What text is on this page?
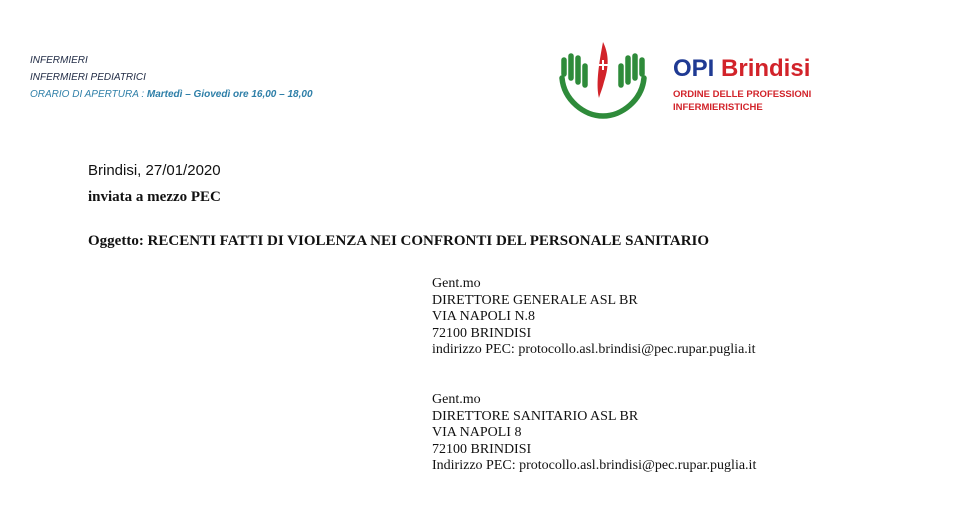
INFERMIERI
INFERMIERI PEDIATRICI
ORARIO DI APERTURA : Martedì – Giovedì ore 16,00 – 18,00
OPI Brindisi
ORDINE DELLE PROFESSIONI
INFERMIERISTICHE
Brindisi, 27/01/2020
inviata a mezzo PEC
Oggetto: RECENTI FATTI DI VIOLENZA NEI CONFRONTI DEL PERSONALE SANITARIO
Gent.mo
DIRETTORE GENERALE ASL BR
VIA NAPOLI N.8
72100 BRINDISI
indirizzo PEC: protocollo.asl.brindisi@pec.rupar.puglia.it
Gent.mo
DIRETTORE SANITARIO ASL BR
VIA NAPOLI 8
72100 BRINDISI
Indirizzo PEC: protocollo.asl.brindisi@pec.rupar.puglia.it
